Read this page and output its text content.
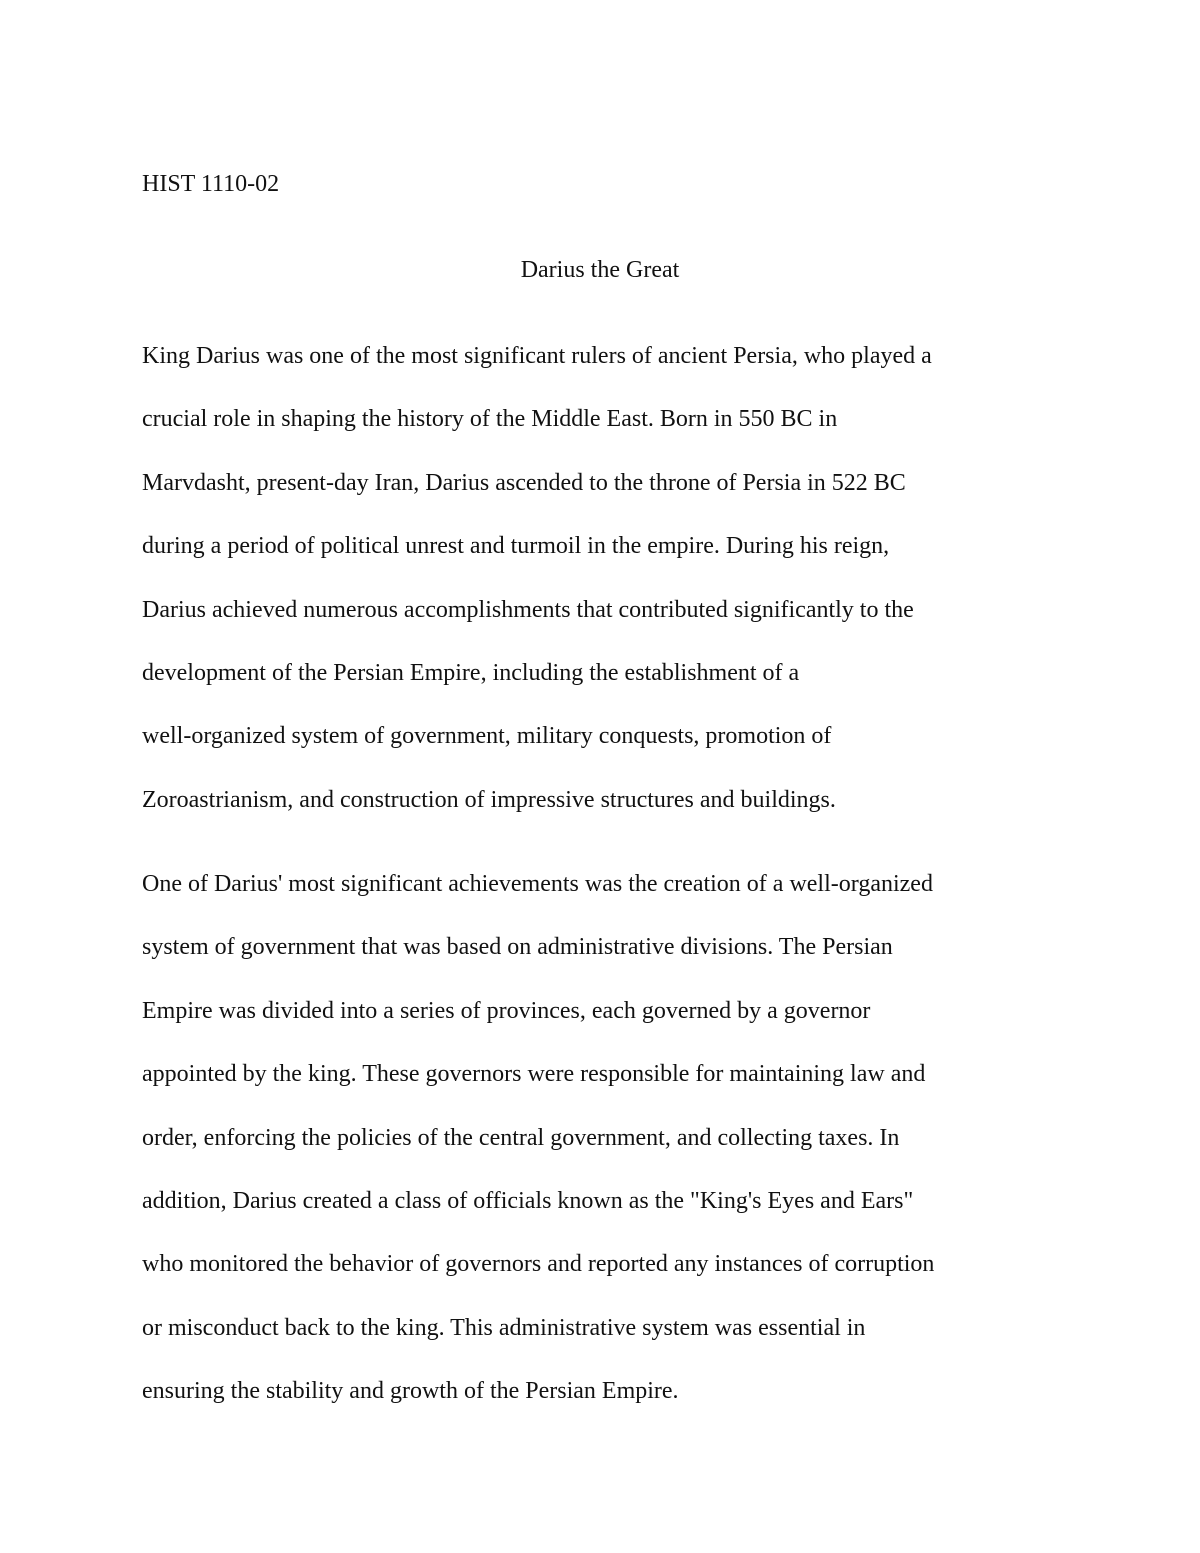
HIST 1110-02

Darius the Great
King Darius was one of the most significant rulers of ancient Persia, who played a
crucial role in shaping the history of the Middle East. Born in 550 BC in
Marvdasht, present-day Iran, Darius ascended to the throne of Persia in 522 BC
during a period of political unrest and turmoil in the empire. During his reign,
Darius achieved numerous accomplishments that contributed significantly to the
development of the Persian Empire, including the establishment of a
well-organized system of government, military conquests, promotion of
Zoroastrianism, and construction of impressive structures and buildings.
One of Darius' most significant achievements was the creation of a well-organized
system of government that was based on administrative divisions. The Persian
Empire was divided into a series of provinces, each governed by a governor
appointed by the king. These governors were responsible for maintaining law and
order, enforcing the policies of the central government, and collecting taxes. In
addition, Darius created a class of officials known as the "King's Eyes and Ears"
who monitored the behavior of governors and reported any instances of corruption
or misconduct back to the king. This administrative system was essential in
ensuring the stability and growth of the Persian Empire.
